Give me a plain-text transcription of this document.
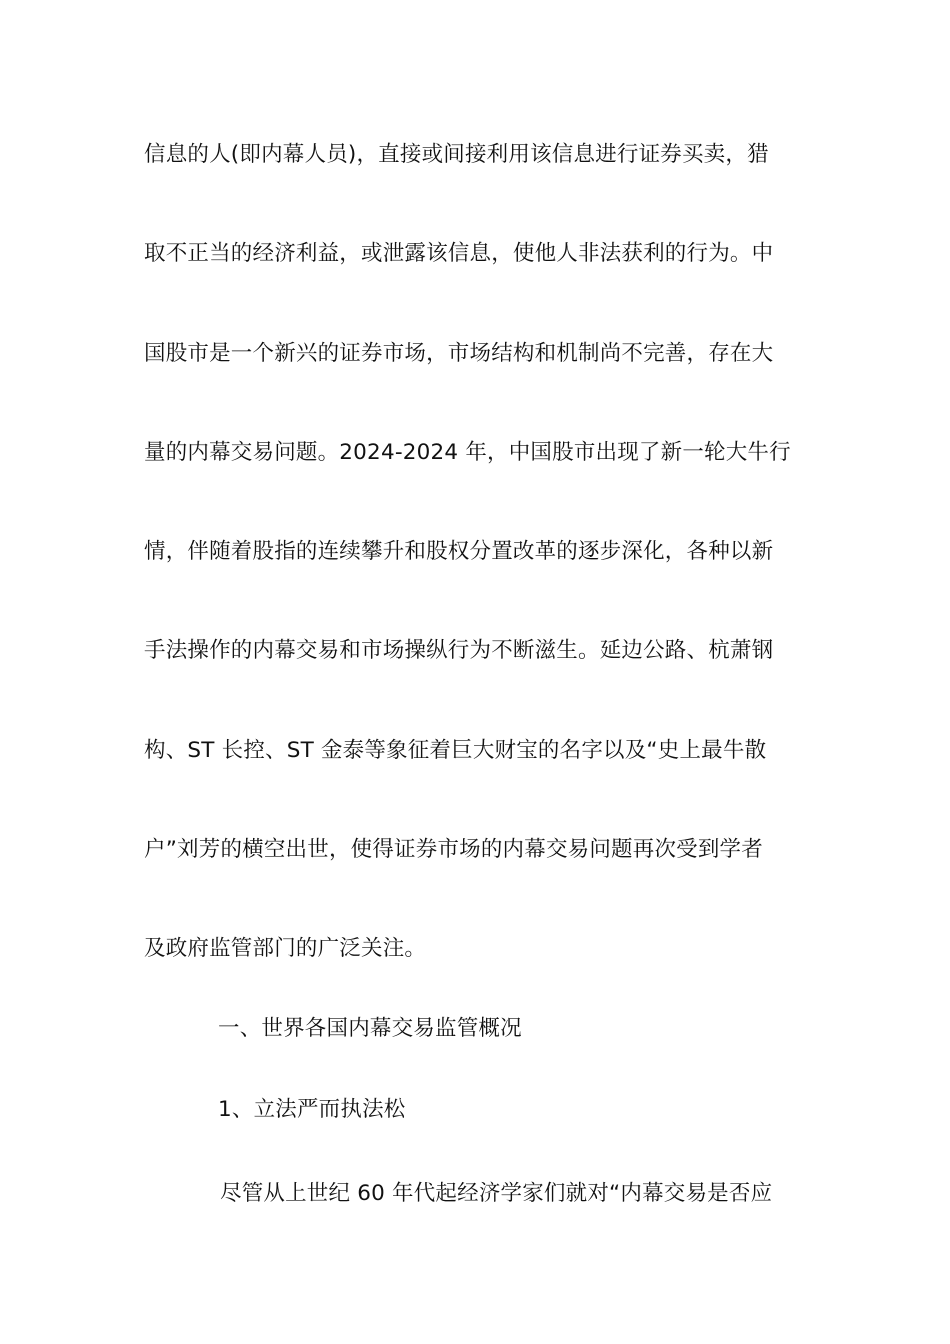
信息的人(即内幕人员)，直接或间接利用该信息进行证券买卖，猎
取不正当的经济利益，或泄露该信息，使他人非法获利的行为。中
国股市是一个新兴的证券市场，市场结构和机制尚不完善，存在大
量的内幕交易问题。2024-2024 年，中国股市出现了新一轮大牛行
情，伴随着股指的连续攀升和股权分置改革的逐步深化，各种以新
手法操作的内幕交易和市场操纵行为不断滋生。延边公路、杭萧钢
构、ST 长控、ST 金泰等象征着巨大财宝的名字以及“史上最牛散
户”刘芳的横空出世，使得证券市场的内幕交易问题再次受到学者
及政府监管部门的广泛关注。
一、世界各国内幕交易监管概况
1、立法严而执法松
尽管从上世纪 60 年代起经济学家们就对“内幕交易是否应
